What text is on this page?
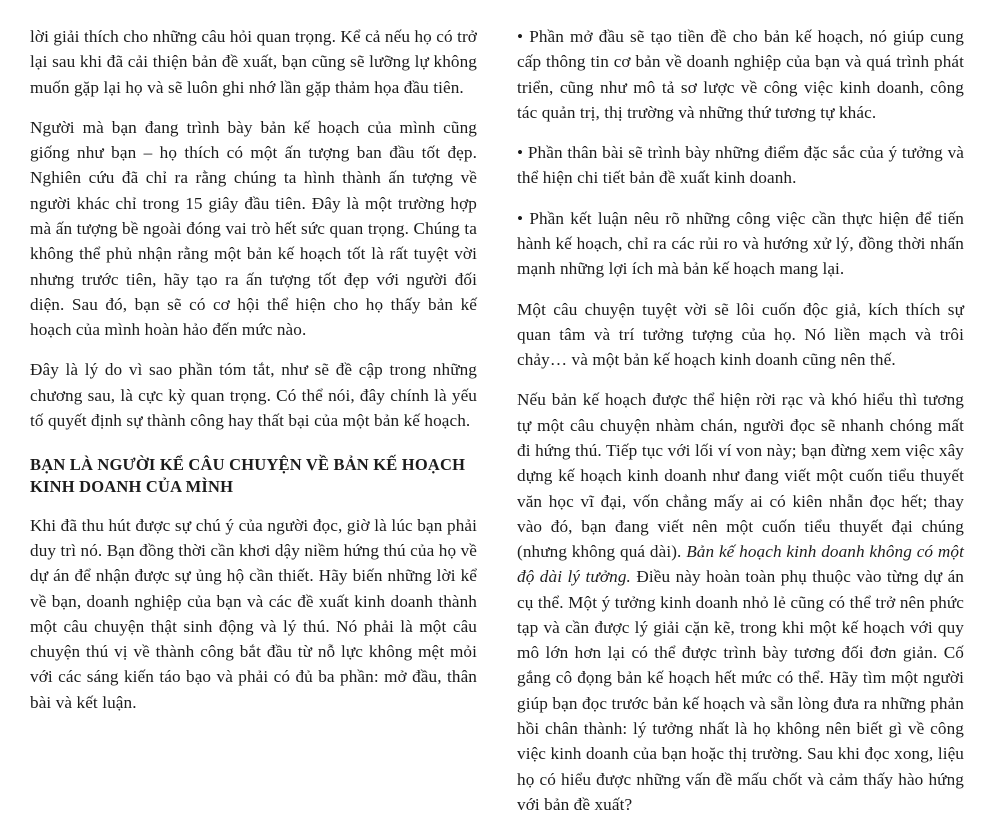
lời giải thích cho những câu hỏi quan trọng. Kể cả nếu họ có trở lại sau khi đã cải thiện bản đề xuất, bạn cũng sẽ lưỡng lự không muốn gặp lại họ và sẽ luôn ghi nhớ lần gặp thảm họa đầu tiên.

Người mà bạn đang trình bày bản kế hoạch của mình cũng giống như bạn – họ thích có một ấn tượng ban đầu tốt đẹp. Nghiên cứu đã chỉ ra rằng chúng ta hình thành ấn tượng về người khác chỉ trong 15 giây đầu tiên. Đây là một trường hợp mà ấn tượng bề ngoài đóng vai trò hết sức quan trọng. Chúng ta không thể phủ nhận rằng một bản kế hoạch tốt là rất tuyệt vời nhưng trước tiên, hãy tạo ra ấn tượng tốt đẹp với người đối diện. Sau đó, bạn sẽ có cơ hội thể hiện cho họ thấy bản kế hoạch của mình hoàn hảo đến mức nào.

Đây là lý do vì sao phần tóm tắt, như sẽ đề cập trong những chương sau, là cực kỳ quan trọng. Có thể nói, đây chính là yếu tố quyết định sự thành công hay thất bại của một bản kế hoạch.

BẠN LÀ NGƯỜI KỂ CÂU CHUYỆN VỀ BẢN KẾ HOẠCH KINH DOANH CỦA MÌNH

Khi đã thu hút được sự chú ý của người đọc, giờ là lúc bạn phải duy trì nó. Bạn đồng thời cần khơi dậy niềm hứng thú của họ về dự án để nhận được sự ủng hộ cần thiết. Hãy biến những lời kể về bạn, doanh nghiệp của bạn và các đề xuất kinh doanh thành một câu chuyện thật sinh động và lý thú. Nó phải là một câu chuyện thú vị về thành công bắt đầu từ nỗ lực không mệt mỏi với các sáng kiến táo bạo và phải có đủ ba phần: mở đầu, thân bài và kết luận.

• Phần mở đầu sẽ tạo tiền đề cho bản kế hoạch, nó giúp cung cấp thông tin cơ bản về doanh nghiệp của bạn và quá trình phát triển, cũng như mô tả sơ lược về công việc kinh doanh, công tác quản trị, thị trường và những thứ tương tự khác.

• Phần thân bài sẽ trình bày những điểm đặc sắc của ý tưởng và thể hiện chi tiết bản đề xuất kinh doanh.

• Phần kết luận nêu rõ những công việc cần thực hiện để tiến hành kế hoạch, chỉ ra các rủi ro và hướng xử lý, đồng thời nhấn mạnh những lợi ích mà bản kế hoạch mang lại.

Một câu chuyện tuyệt vời sẽ lôi cuốn độc giả, kích thích sự quan tâm và trí tưởng tượng của họ. Nó liền mạch và trôi chảy… và một bản kế hoạch kinh doanh cũng nên thế.

Nếu bản kế hoạch được thể hiện rời rạc và khó hiểu thì tương tự một câu chuyện nhàm chán, người đọc sẽ nhanh chóng mất đi hứng thú. Tiếp tục với lối ví von này; bạn đừng xem việc xây dựng kế hoạch kinh doanh như đang viết một cuốn tiểu thuyết văn học vĩ đại, vốn chẳng mấy ai có kiên nhẫn đọc hết; thay vào đó, bạn đang viết nên một cuốn tiểu thuyết đại chúng (nhưng không quá dài). Bản kế hoạch kinh doanh không có một độ dài lý tưởng. Điều này hoàn toàn phụ thuộc vào từng dự án cụ thể. Một ý tưởng kinh doanh nhỏ lẻ cũng có thể trở nên phức tạp và cần được lý giải cặn kẽ, trong khi một kế hoạch với quy mô lớn hơn lại có thể được trình bày tương đối đơn giản. Cố gắng cô đọng bản kế hoạch hết mức có thể. Hãy tìm một người giúp bạn đọc trước bản kế hoạch và sẵn lòng đưa ra những phản hồi chân thành: lý tưởng nhất là họ không nên biết gì về công việc kinh doanh của bạn hoặc thị trường. Sau khi đọc xong, liệu họ có hiểu được những vấn đề mấu chốt và cảm thấy hào hứng với bản đề xuất?
